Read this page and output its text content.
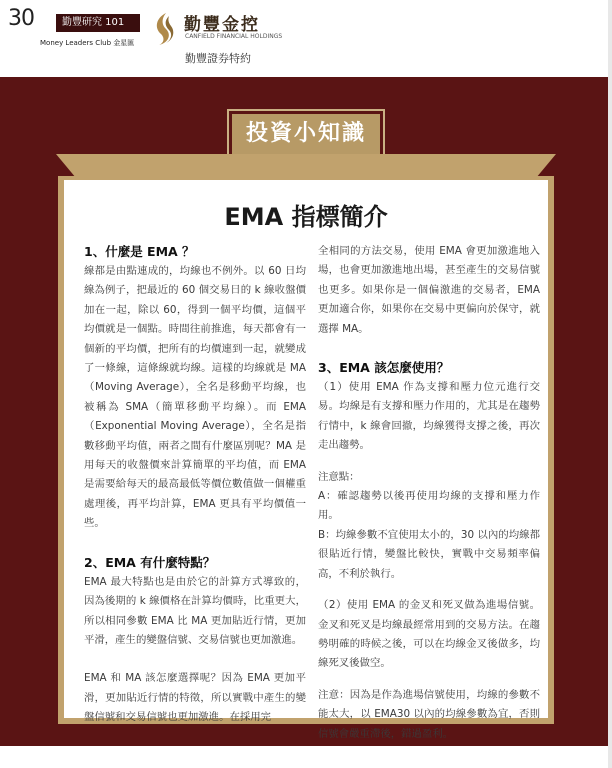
30	勤豐研究 101
Money Leaders Club 金星匯
勤豐金控
CANFIELD FINANCIAL HOLDINGS
勤豐證券特約
投資小知識
EMA 指標簡介
1、什麼是 EMA ？

線都是由點連成的，均線也不例外。以 60 日均線為例子，把最近的 60 個交易日的 k 線收盤價加在一起，除以 60，得到一個平均價，這個平均價就是一個點。時間往前推進，每天都會有一個新的平均價，把所有的均價連到一起，就變成了一條線，這條線就均線。這樣的均線就是 MA（Moving Average），全名是移動平均線，也被稱為 SMA（簡單移動平均線）。而 EMA（Exponential Moving Average），全名是指數移動平均值，兩者之間有什麼區別呢？MA 是用每天的收盤價來計算簡單的平均值，而 EMA 是需要給每天的最高最低等價位數值做一個權重處理後，再平均計算，EMA 更具有平均價值一些。

2、EMA 有什麼特點？

EMA 最大特點也是由於它的計算方式導致的，因為後期的 k 線價格在計算均價時，比重更大，所以相同參數 EMA 比 MA 更加貼近行情，更加平滑，產生的變盤信號、交易信號也更加激進。

EMA 和 MA 該怎麼選擇呢？因為 EMA 更加平滑，更加貼近行情的特徵，所以實戰中產生的變盤信號和交易信號也更加激進。在採用完

全相同的方法交易，使用 EMA 會更加激進地入場，也會更加激進地出場，甚至產生的交易信號也更多。如果你是一個偏激進的交易者，EMA 更加適合你，如果你在交易中更偏向於保守，就選擇 MA。

3、EMA 該怎麼使用？

（1）使用 EMA 作為支撐和壓力位元進行交易。均線是有支撐和壓力作用的，尤其是在趨勢行情中，k 線會回撤，均線獲得支撐之後，再次走出趨勢。

注意點：

A：確認趨勢以後再使用均線的支撐和壓力作用。

B：均線參數不宜使用太小的，30 以內的均線都很貼近行情，變盤比較快，實戰中交易頻率偏高，不利於執行。

（2）使用 EMA 的金叉和死叉做為進場信號。金叉和死叉是均線最經常用到的交易方法。在趨勢明確的時候之後，可以在均線金叉後做多，均線死叉後做空。

注意：因為是作為進場信號使用，均線的參數不能太大，以 EMA30 以內的均線參數為宜，否則信號會嚴重滯後，錯過盈利。
